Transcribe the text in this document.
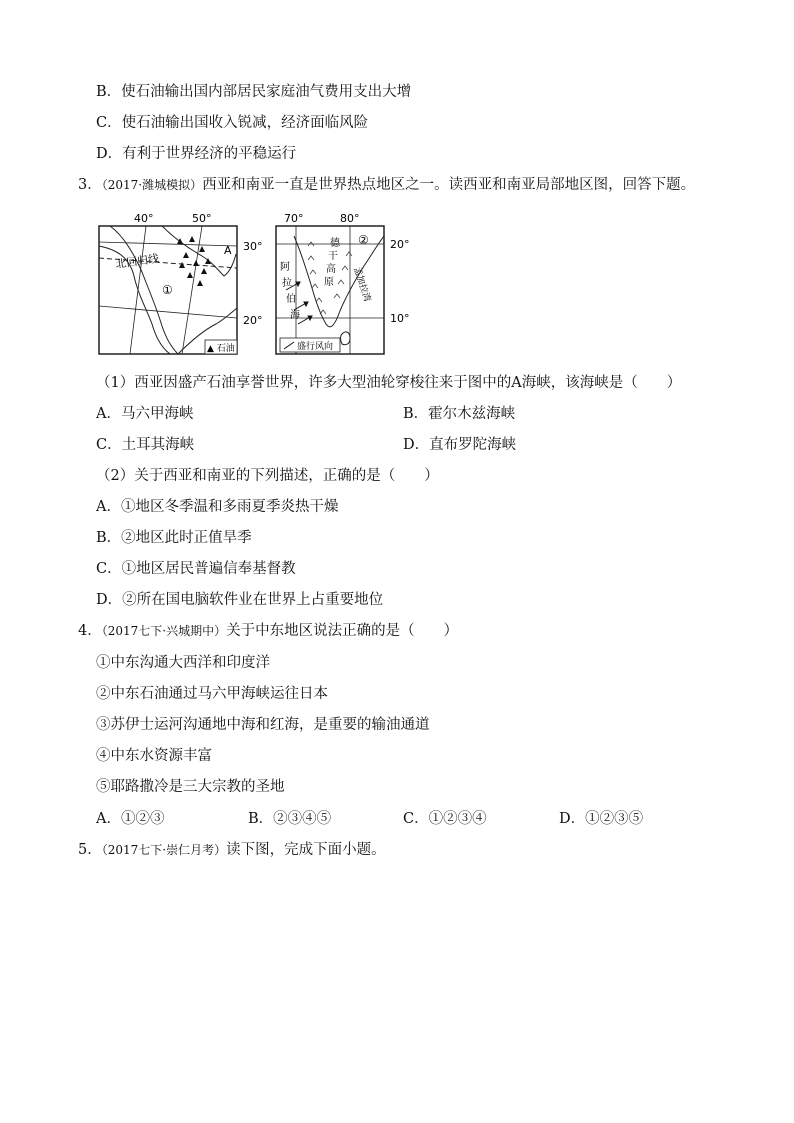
B．使石油输出国内部居民家庭油气费用支出大增
C．使石油输出国收入锐减，经济面临风险
D．有利于世界经济的平稳运行
3．（2017·潍城模拟）西亚和南亚一直是世界热点地区之一。读西亚和南亚局部地区图，回答下题。
40°	50°
A
北回归线
①
▲ 石油
30°
20°
70°	80°
德
干
高
原
阿
拉
伯
海
②
孟加拉湾
盛行风向
20°
10°
（1）西亚因盛产石油享誉世界，许多大型油轮穿梭往来于图中的A海峡，该海峡是（　　）
A．马六甲海峡	B．霍尔木兹海峡
C．土耳其海峡	D．直布罗陀海峡
（2）关于西亚和南亚的下列描述，正确的是（　　）
A．①地区冬季温和多雨夏季炎热干燥
B．②地区此时正值旱季
C．①地区居民普遍信奉基督教
D．②所在国电脑软件业在世界上占重要地位
4．（2017七下·兴城期中）关于中东地区说法正确的是（　　）
①中东沟通大西洋和印度洋
②中东石油通过马六甲海峡运往日本
③苏伊士运河沟通地中海和红海，是重要的输油通道
④中东水资源丰富
⑤耶路撒冷是三大宗教的圣地
A．①②③	B．②③④⑤	C．①②③④	D．①②③⑤
5．（2017七下·崇仁月考）读下图，完成下面小题。
